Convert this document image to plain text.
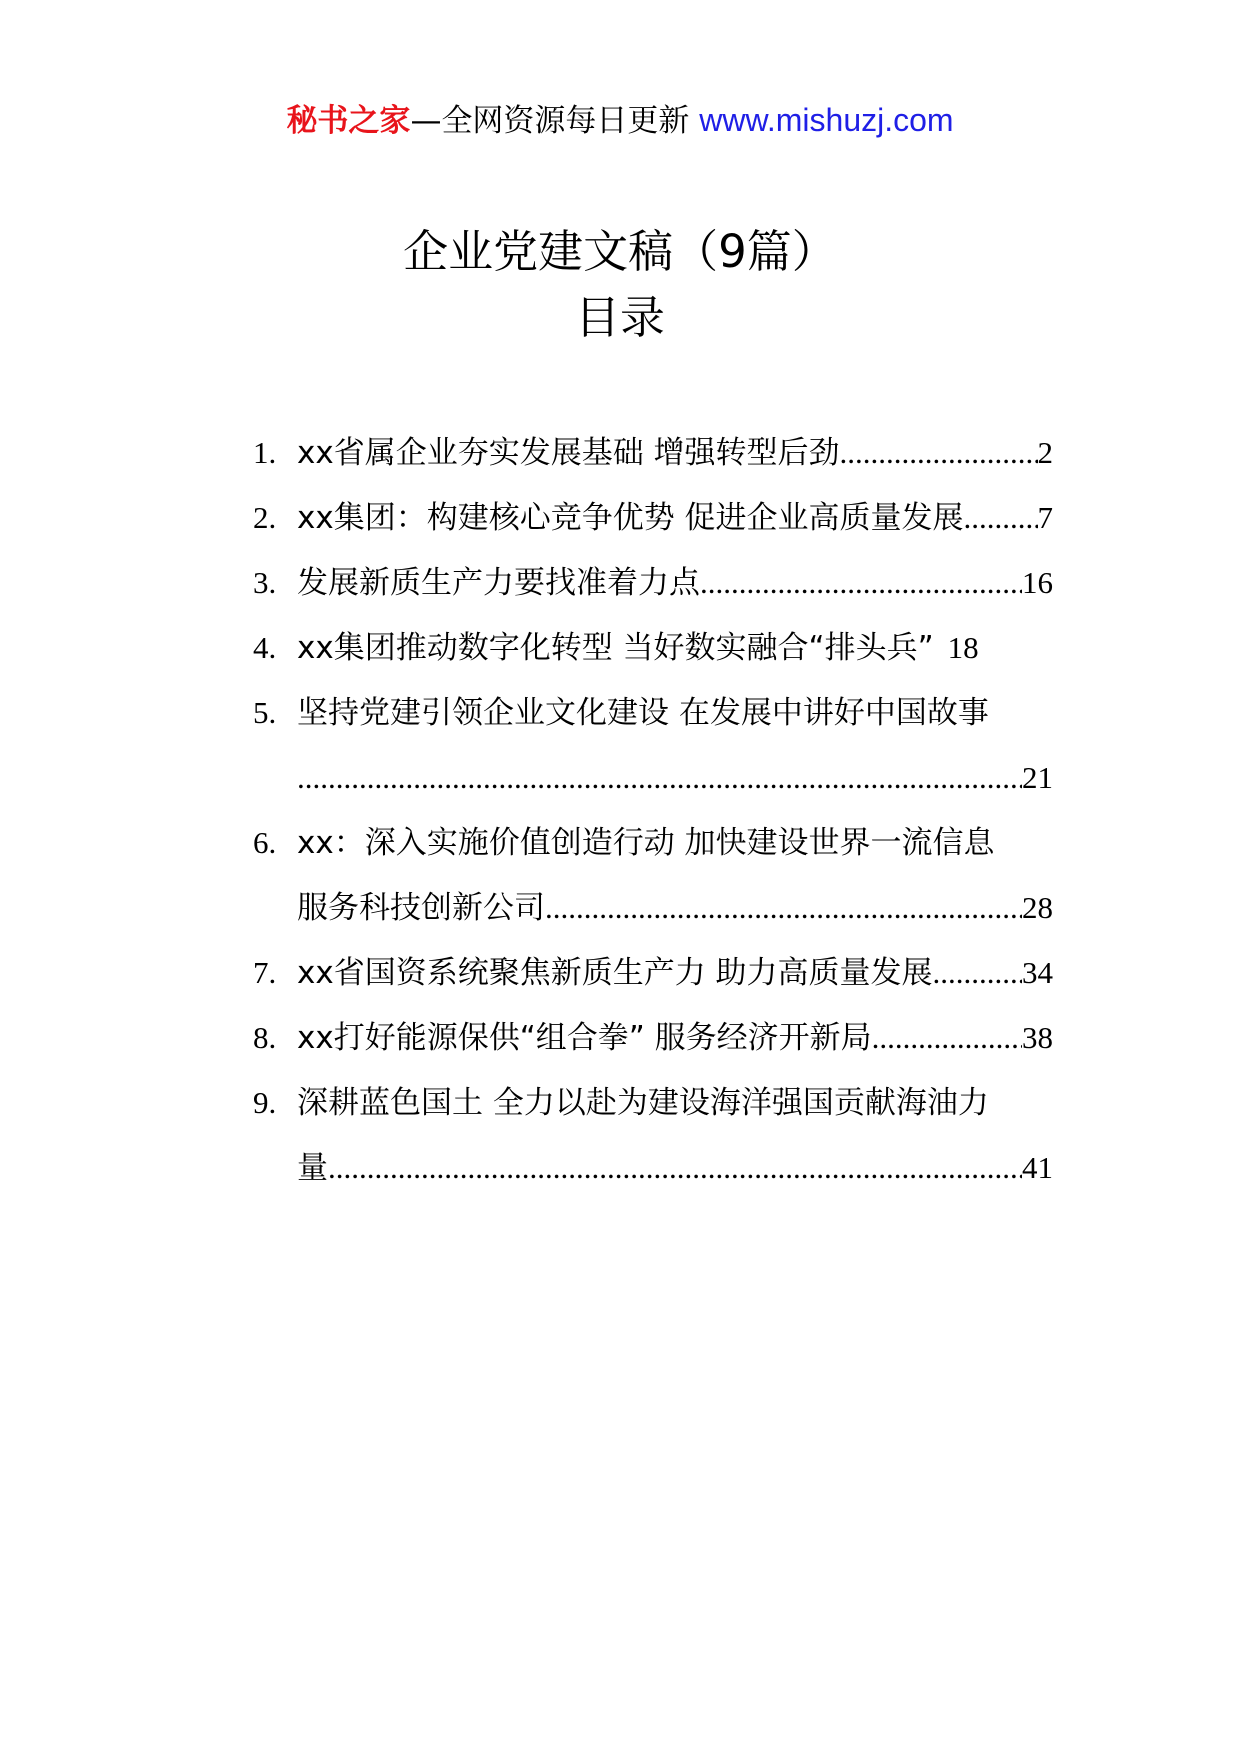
秘书之家—全网资源每日更新 www.mishuzj.com
企业党建文稿（9篇）
目录
1. xx省属企业夯实发展基础 增强转型后劲 .....	2
2. xx集团：构建核心竞争优势 促进企业高质量发展 ..... 7
3. 发展新质生产力要找准着力点 .....	16
4. xx集团推动数字化转型 当好数实融合“排头兵” 18
5. 坚持党建引领企业文化建设 在发展中讲好中国故事
.....
21
6. xx：深入实施价值创造行动 加快建设世界一流信息
服务科技创新公司 .....	28
7. xx省国资系统聚焦新质生产力 助力高质量发展 .....	34
8. xx打好能源保供“组合拳” 服务经济开新局 .....	38
9. 深耕蓝色国土 全力以赴为建设海洋强国贡献海油力
量 .....	41
